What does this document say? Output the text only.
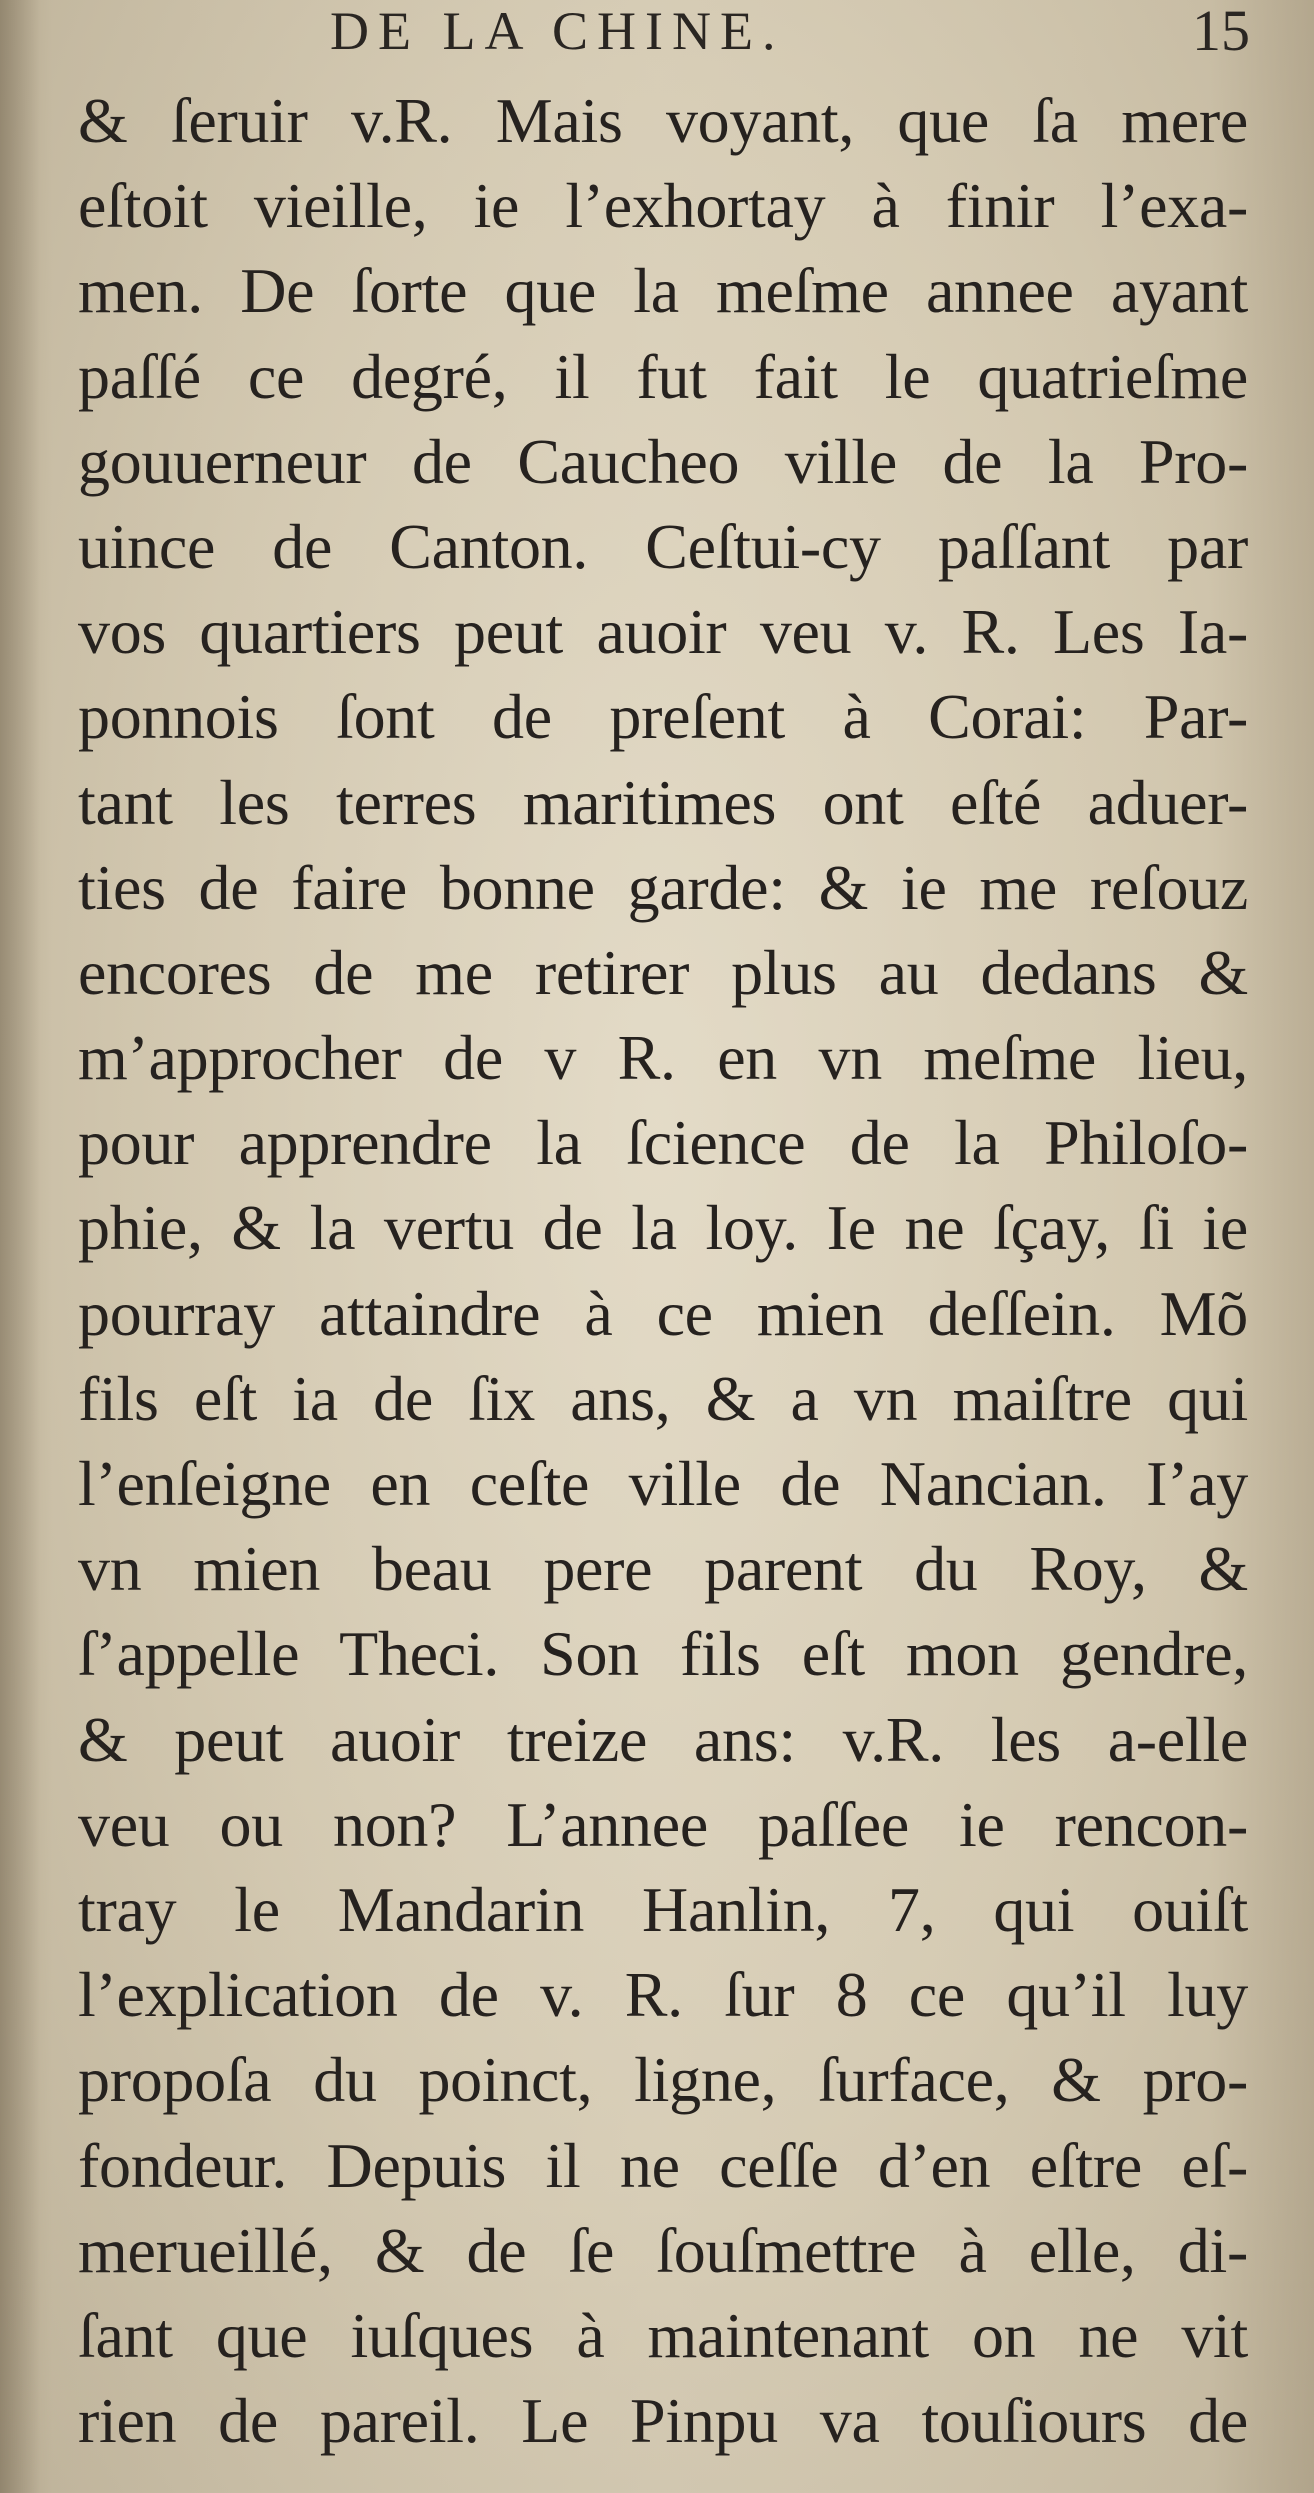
DE LA CHINE.	15
& ſeruir v.R. Mais voyant, que ſa mere
eſtoit vieille, ie l’exhortay à finir l’exa-
men. De ſorte que la meſme annee ayant
paſſé ce degré, il fut fait le quatrieſme
gouuerneur de Caucheo ville de la Pro-
uince de Canton. Ceſtui-cy paſſant par
vos quartiers peut auoir veu v. R. Les Ia-
ponnois ſont de preſent à Corai: Par-
tant les terres maritimes ont eſté aduer-
ties de faire bonne garde: & ie me reſouz
encores de me retirer plus au dedans &
m’approcher de v R. en vn meſme lieu,
pour apprendre la ſcience de la Philoſo-
phie, & la vertu de la loy. Ie ne ſçay, ſi ie
pourray attaindre à ce mien deſſein. Mõ
fils eſt ia de ſix ans, & a vn maiſtre qui
l’enſeigne en ceſte ville de Nancian. I’ay
vn mien beau pere parent du Roy, &
ſ’appelle Theci. Son fils eſt mon gendre,
& peut auoir treize ans: v.R. les a-elle
veu ou non? L’annee paſſee ie rencon-
tray le Mandarin Hanlin, 7, qui ouiſt
l’explication de v. R. ſur 8 ce qu’il luy
propoſa du poinct, ligne, ſurface, & pro-
fondeur. Depuis il ne ceſſe d’en eſtre eſ-
merueillé, & de ſe ſouſmettre à elle, di-
ſant que iuſques à maintenant on ne vit
rien de pareil. Le Pinpu va touſiours de
